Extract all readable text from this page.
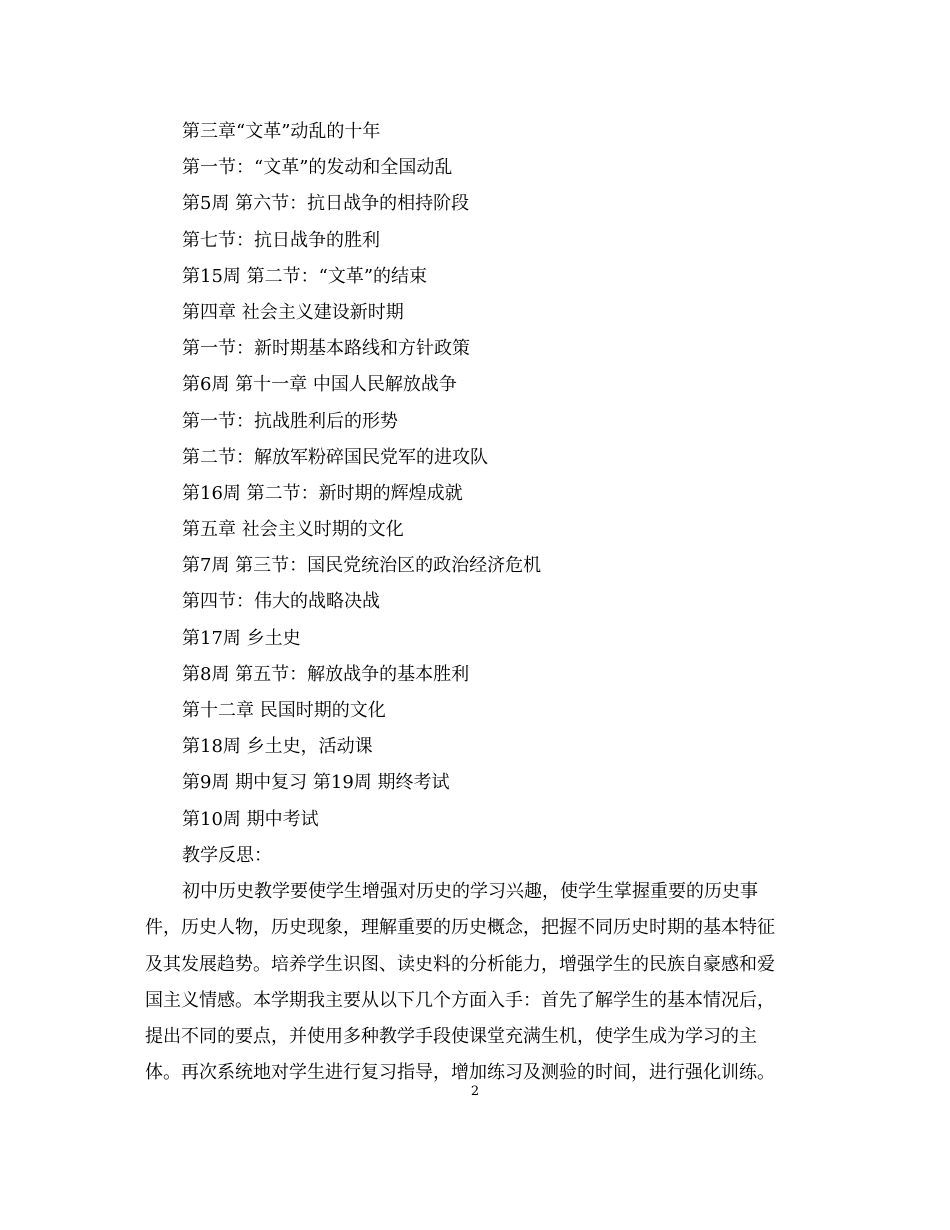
第三章“文革”动乱的十年
第一节：“文革”的发动和全国动乱
第5周 第六节：抗日战争的相持阶段
第七节：抗日战争的胜利
第15周 第二节：“文革”的结束
第四章 社会主义建设新时期
第一节：新时期基本路线和方针政策
第6周 第十一章 中国人民解放战争
第一节：抗战胜利后的形势
第二节：解放军粉碎国民党军的进攻队
第16周 第二节：新时期的辉煌成就
第五章 社会主义时期的文化
第7周 第三节：国民党统治区的政治经济危机
第四节：伟大的战略决战
第17周 乡土史
第8周 第五节：解放战争的基本胜利
第十二章 民国时期的文化
第18周 乡土史，活动课
第9周 期中复习 第19周 期终考试
第10周 期中考试
教学反思：
初中历史教学要使学生增强对历史的学习兴趣，使学生掌握重要的历史事
件，历史人物，历史现象，理解重要的历史概念，把握不同历史时期的基本特征
及其发展趋势。培养学生识图、读史料的分析能力，增强学生的民族自豪感和爱
国主义情感。本学期我主要从以下几个方面入手：首先了解学生的基本情况后，
提出不同的要点，并使用多种教学手段使课堂充满生机，使学生成为学习的主
体。再次系统地对学生进行复习指导，增加练习及测验的时间，进行强化训练。
2
